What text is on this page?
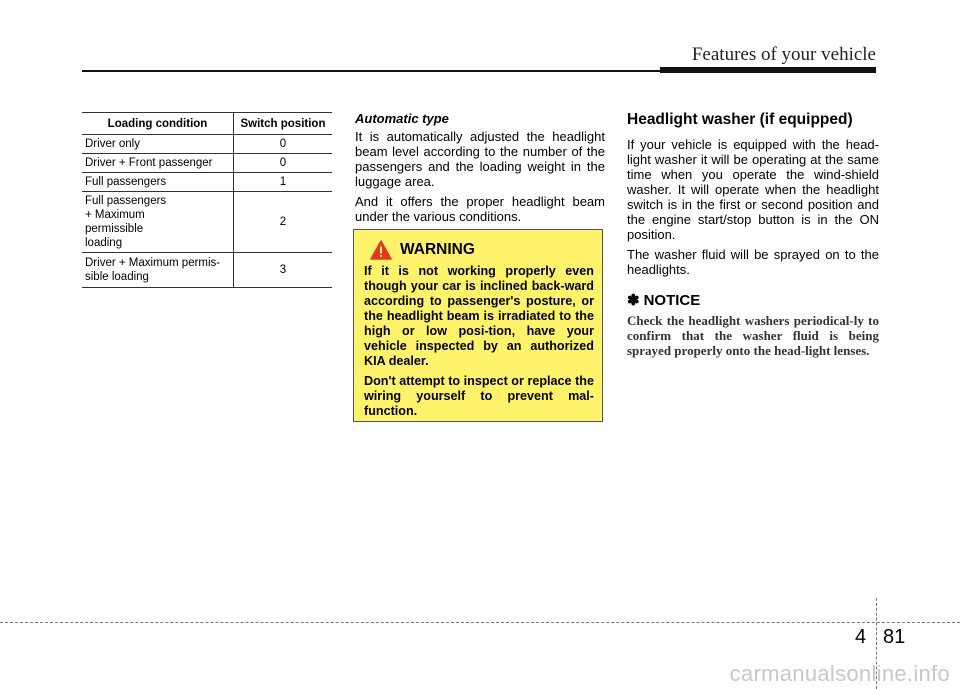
Features of your vehicle
Loading condition	Switch position
Driver only	0
Driver + Front passenger	0
Full passengers	1
Full passengers + Maximum permissible loading	2
Driver + Maximum permis- sible loading	3

Automatic type

It is automatically adjusted the headlight beam level according to the number of the passengers and the loading weight in the luggage area.

And it offers the proper headlight beam under the various conditions.

WARNING

If it is not working properly even though your car is inclined back-ward according to passenger's posture, or the headlight beam is irradiated to the high or low posi-tion, have your vehicle inspected by an authorized KIA dealer.

Don't attempt to inspect or replace the wiring yourself to prevent mal-function.

Headlight washer (if equipped)

If your vehicle is equipped with the head-light washer it will be operating at the same time when you operate the wind-shield washer. It will operate when the headlight switch is in the first or second position and the engine start/stop button is in the ON position.

The washer fluid will be sprayed on to the headlights.

✽ NOTICE

Check the headlight washers periodical-ly to confirm that the washer fluid is being sprayed properly onto the head-light lenses.

4 81
carmanualsonline.info
